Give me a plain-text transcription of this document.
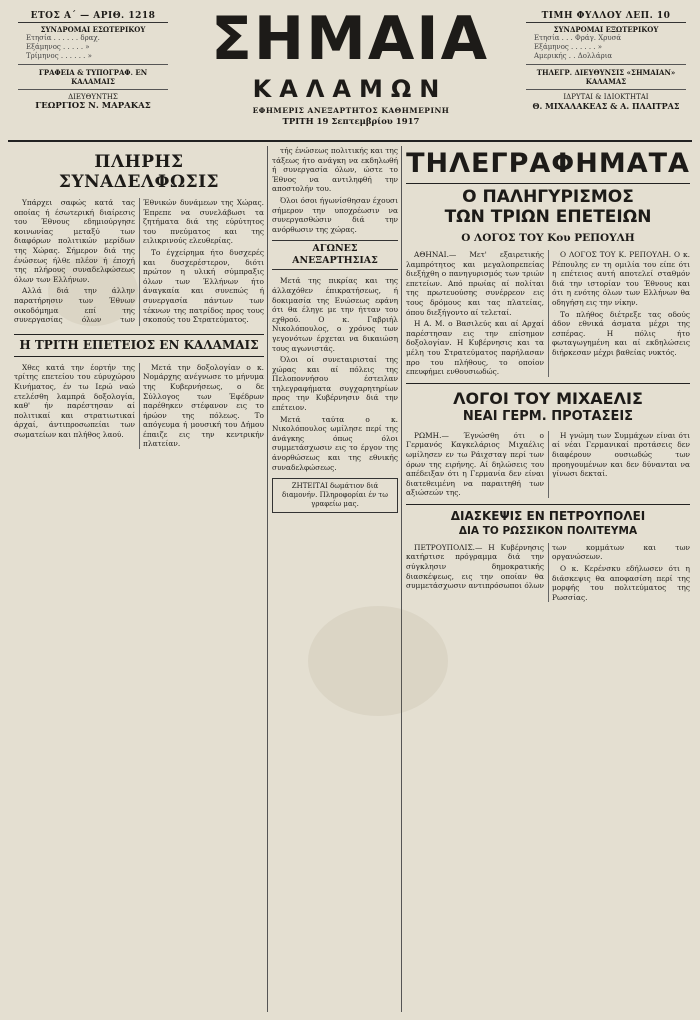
ΕΤΟΣ Α΄ — ΑΡΙΘ. 1218
ΣΥΝΔΡΟΜΑΙ ΕΣΩΤΕΡΙΚΟΥ
Ετησία . . . . . . δραχ.
Εξάμηνος . . . . . »
Τρίμηνος . . . . . . »
ΓΡΑΦΕΙΑ & ΤΥΠΟΓΡΑΦ. ΕΝ ΚΑΛΑΜΑΙΣ
ΔΙΕΥΘΥΝΤΗΣ
ΓΕΩΡΓΙΟΣ Ν. ΜΑΡΑΚΑΣ
ΣΗΜΑΙΑ
ΚΑΛΑΜΩΝ
ΕΦΗΜΕΡΙΣ ΑΝΕΞΑΡΤΗΤΟΣ ΚΑΘΗΜΕΡΙΝΗ
ΤΡΙΤΗ 19 Σεπτεμβρίου 1917
ΤΙΜΗ ΦΥΛΛΟΥ ΛΕΠ. 10
ΣΥΝΔΡΟΜΑΙ ΕΞΩΤΕΡΙΚΟΥ
Ετησία . . . Φράγ. Χρυσά
Εξάμηνος . . . . . . »
Αμερικής . . Δολλάρια
ΤΗΛΕΓΡ. ΔΙΕΥΘΥΝΣΙΣ «ΣΗΜΑΙΑΝ» ΚΑΛΑΜΑΣ
ΙΔΡΥΤΑΙ & ΙΔΙΟΚΤΗΤΑΙ
Θ. ΜΙΧΑΛΑΚΕΑΣ & Α. ΠΛΑΙΤΡΑΣ
ΠΛΗΡΗΣ ΣΥΝΑΔΕΛΦΩΣΙΣ

Υπάρχει σαφώς κατά τας οποίας ή έσωτερική διαίρεσις του Έθνους εδημιούργησε κοινωνίας μεταξύ των διαφόρων πολιτικών μερίδων της Χώρας. Σήμερον διά της ένώσεως ήλθε πλέον ή έποχή της πλήρους συναδελφώσεως όλων των Ελλήνων.

Αλλά διά την άλλην παρατήρησιν των Έθνων οικοδόμημα επί της συνεργασίας όλων των Έθνικών δυνάμεων της Χώρας. Έπρεπε να συνελάβωσι τα ζητήματα διά της εύρύτητος του πνεύματος και της ειλικρινούς ελευθερίας.

Το έγχείρημα ήτο δυσχερές και δυσχερέστερον, διότι πρώτον η υλική σύμπραξις όλων των Έλλήνων ήτο άναγκαία και συνεπώς ή συνεργασία πάντων των τέκνων της πατρίδος προς τους σκοπούς του Στρατεύματος.

Η ΤΡΙΤΗ ΕΠΕΤΕΙΟΣ ΕΝ ΚΑΛΑΜΑΙΣ

Χθες κατά την έορτήν της τρίτης επετείου του εύρυχώρου Κινήματος, έν τω Ιερώ ναώ ετελέσθη λαμπρά δοξολογία, καθ' ήν παρέστησαν αί πολιτικαί και στρατιωτικαί άρχαί, άντιπροσωπείαι των σωματείων και πλήθος λαού.

Μετά την δοξολογίαν ο κ. Νομάρχης ανέγνωσε το μήνυμα της Κυβερνήσεως, ο δε Σύλλογος των Έφέδρων παρέθηκεν στέφανον εις το ήρώον της πόλεως. Το απόγευμα ή μουσική του Δήμου έπαιζε εις την κεντρικήν πλατείαν.

τής ένώσεως πολιτικής και της τάξεως ήτο ανάγκη να εκδηλωθή ή συνεργασία όλων, ώστε το Έθνος να αντιληφθή την αποστολήν του.

Όλοι όσοι ήγωνίσθησαν έχουσι σήμερον την υποχρέωσιν να συνεργασθώσιν διά την ανόρθωσιν της χώρας.

ΑΓΩΝΕΣ ΑΝΕΞΑΡΤΗΣΙΑΣ

Μετά της πικρίας και της άλλαχόθεν έπικρατήσεως, ή δοκιμασία της Ενώσεως εφάνη ότι θα έληγε με την ήτταν του εχθρού. Ο κ. Γαβριήλ Νικολόπουλος, ο χρόνος των γεγονότων έρχεται να δικαιώση τους αγωνιστάς.

Όλοι οί συνεταιρισταί της χώρας και αί πόλεις της Πελοποννήσου έστειλαν τηλεγραφήματα συγχαρητηρίων προς την Κυβέρνησιν διά την επέτειον.

Μετά ταύτα ο κ. Νικολόπουλος ωμίλησε περί της άνάγκης όπως όλοι συμμετάσχωσιν εις το έργον της άνορθώσεως και της εθνικής συναδελφώσεως.

ΖΗΤΕΙΤΑΙ δωμάτιον διά διαμονήν. Πληροφορίαι έν τω γραφείω μας.
ΤΗΛΕΓΡΑΦΗΜΑΤΑ
Ο ΠΑΛΗΓΥΡΙΣΜΟΣ
ΤΩΝ ΤΡΙΩΝ ΕΠΕΤΕΙΩΝ
Ο ΛΟΓΟΣ ΤΟΥ Κου ΡΕΠΟΥΛΗ

ΑΘΗΝΑΙ.— Μετ' εξαιρετικής λαμπρότητος και μεγαλοπρεπείας διεξήχθη ο πανηγυρισμός των τριών επετείων. Από πρωίας αί πολίται της πρωτευούσης συνέρρεον εις τους δρόμους και τας πλατείας, όπου διεξήγοντο αί τελεταί.

Η Α. Μ. ο Βασιλεύς και αί Αρχαί παρέστησαν εις την επίσημον δοξολογίαν. Η Κυβέρνησις και τα μέλη του Στρατεύματος παρήλασαν προ του πλήθους, το οποίον επευφήμει ενθουσιωδώς.

Ο ΛΟΓΟΣ ΤΟΥ Κ. ΡΕΠΟΥΛΗ. Ο κ. Ρέπουλης εν τη ομιλία του είπε ότι η επέτειος αυτή αποτελεί σταθμόν διά την ιστορίαν του Έθνους και ότι η ενότης όλων των Ελλήνων θα οδηγήση εις την νίκην.

Το πλήθος διέτρεξε τας οδούς άδον εθνικά άσματα μέχρι της εσπέρας. Η πόλις ήτο φωταγωγημένη και αί εκδηλώσεις διήρκεσαν μέχρι βαθείας νυκτός.

ΛΟΓΟΙ ΤΟΥ ΜΙΧΑΕΛΙΣ
ΝΕΑΙ ΓΕΡΜ. ΠΡΟΤΑΣΕΙΣ

ΡΩΜΗ.— Έγνώσθη ότι ο Γερμανός Καγκελάριος Μιχαέλις ωμίλησεν εν τω Ράιχσταγ περί των όρων της ειρήνης. Αί δηλώσεις του απέδειξαν ότι η Γερμανία δεν είναι διατεθειμένη να παραιτηθή των αξιώσεών της.

Η γνώμη των Συμμάχων είναι ότι αί νέαι Γερμανικαί προτάσεις δεν διαφέρουν ουσιωδώς των προηγουμένων και δεν δύνανται να γίνωσι δεκταί.

ΔΙΑΣΚΕΨΙΣ ΕΝ ΠΕΤΡΟΥΠΟΛΕΙ
ΔΙΑ ΤΟ ΡΩΣΣΙΚΟΝ ΠΟΛΙΤΕΥΜΑ

ΠΕΤΡΟΥΠΟΛΙΣ.— Η Κυβέρνησις κατήρτισε πρόγραμμα διά την σύγκλησιν δημοκρατικής διασκέψεως, εις την οποίαν θα συμμετάσχωσιν αντιπρόσωποι όλων των κομμάτων και των οργανώσεων.

Ο κ. Κερένσκυ εδήλωσεν ότι η διάσκεψις θα αποφασίση περί της μορφής του πολιτεύματος της Ρωσσίας.
